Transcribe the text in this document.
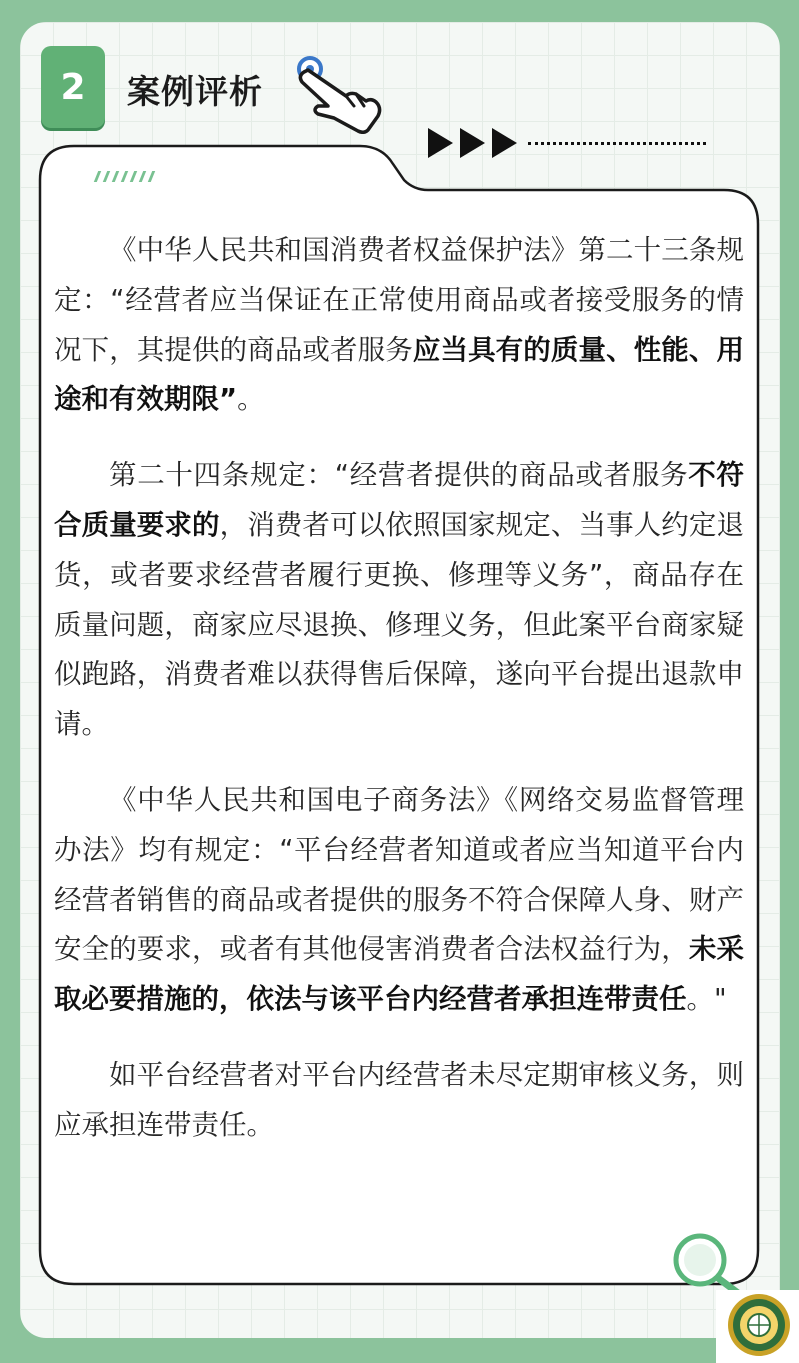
2 案例评析

《中华人民共和国消费者权益保护法》第二十三条规定：“经营者应当保证在正常使用商品或者接受服务的情况下，其提供的商品或者服务应当具有的质量、性能、用途和有效期限”。

第二十四条规定：“经营者提供的商品或者服务不符合质量要求的，消费者可以依照国家规定、当事人约定退货，或者要求经营者履行更换、修理等义务”，商品存在质量问题，商家应尽退换、修理义务，但此案平台商家疑似跑路，消费者难以获得售后保障，遂向平台提出退款申请。

《中华人民共和国电子商务法》《网络交易监督管理办法》均有规定：“平台经营者知道或者应当知道平台内经营者销售的商品或者提供的服务不符合保障人身、财产安全的要求，或者有其他侵害消费者合法权益行为，未采取必要措施的，依法与该平台内经营者承担连带责任。"

如平台经营者对平台内经营者未尽定期审核义务，则应承担连带责任。
